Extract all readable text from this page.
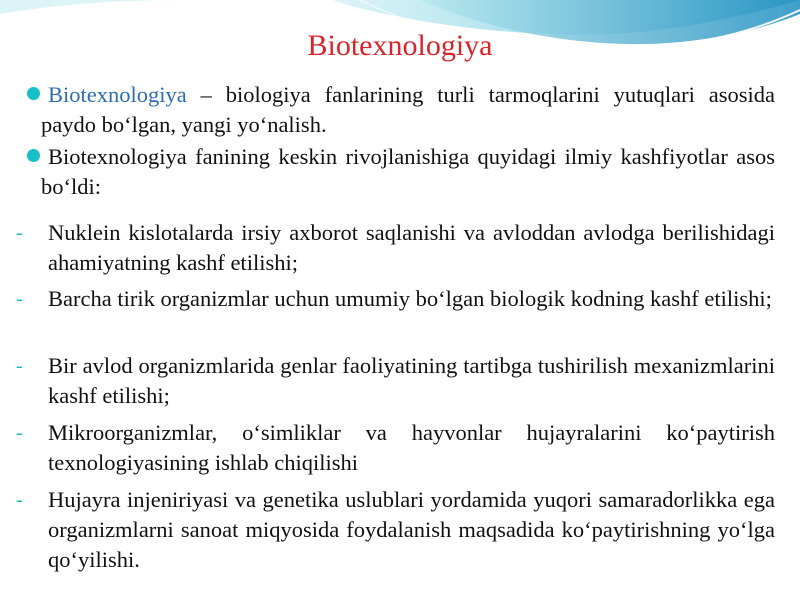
Biotexnologiya
Biotexnologiya – biologiya fanlarining turli tarmoqlarini yutuqlari asosida paydo bo‘lgan, yangi yo‘nalish.
Biotexnologiya fanining keskin rivojlanishiga quyidagi ilmiy kashfiyotlar asos bo‘ldi:
- Nuklein kislotalarda irsiy axborot saqlanishi va avloddan avlodga berilishidagi ahamiyatning kashf etilishi;
- Barcha tirik organizmlar uchun umumiy bo‘lgan biologik kodning kashf etilishi;
- Bir avlod organizmlarida genlar faoliyatining tartibga tushirilish mexanizmlarini kashf etilishi;
- Mikroorganizmlar, o‘simliklar va hayvonlar hujayralarini ko‘paytirish texnologiyasining ishlab chiqilishi
- Hujayra injeniriyasi va genetika uslublari yordamida yuqori samaradorlikka ega organizmlarni sanoat miqyosida foydalanish maqsadida ko‘paytirishning yo‘lga qo‘yilishi.
